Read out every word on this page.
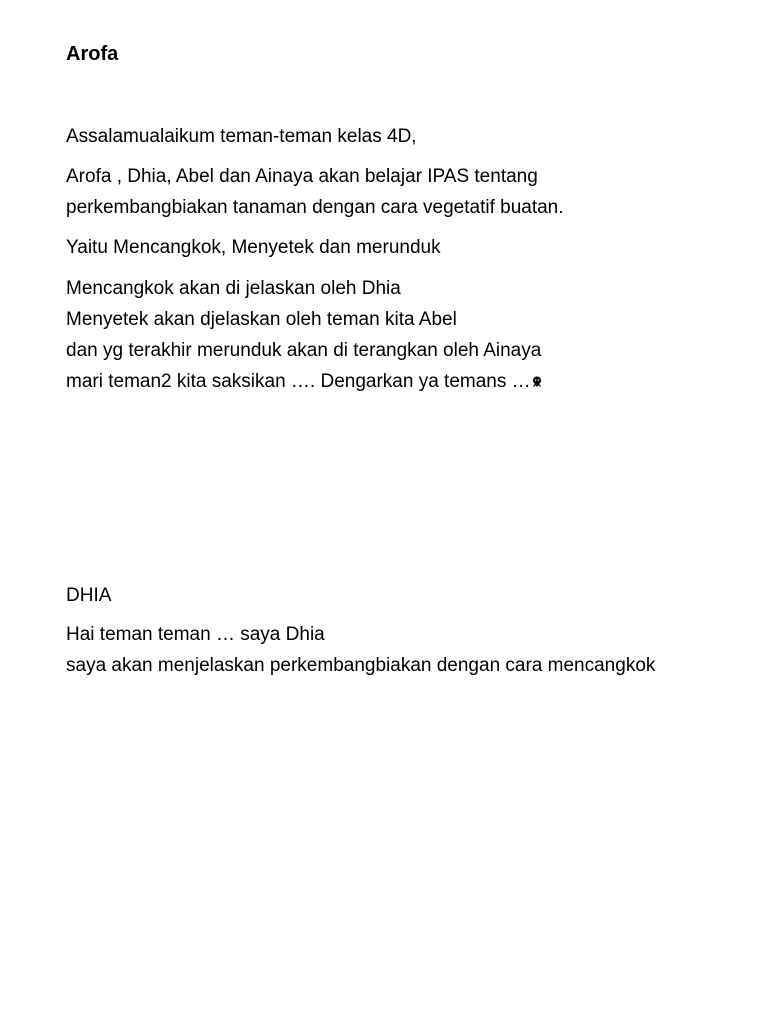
Arofa
Assalamualaikum teman-teman kelas 4D,
Arofa , Dhia, Abel dan Ainaya akan belajar IPAS tentang
perkembangbiakan tanaman dengan cara vegetatif buatan.
Yaitu Mencangkok, Menyetek dan merunduk
Mencangkok akan di jelaskan oleh Dhia
Menyetek akan djelaskan oleh teman kita Abel
dan yg terakhir merunduk akan di terangkan oleh Ainaya
mari teman2 kita saksikan …. Dengarkan ya temans …
DHIA
Hai teman teman … saya Dhia
saya akan menjelaskan perkembangbiakan dengan cara mencangkok
